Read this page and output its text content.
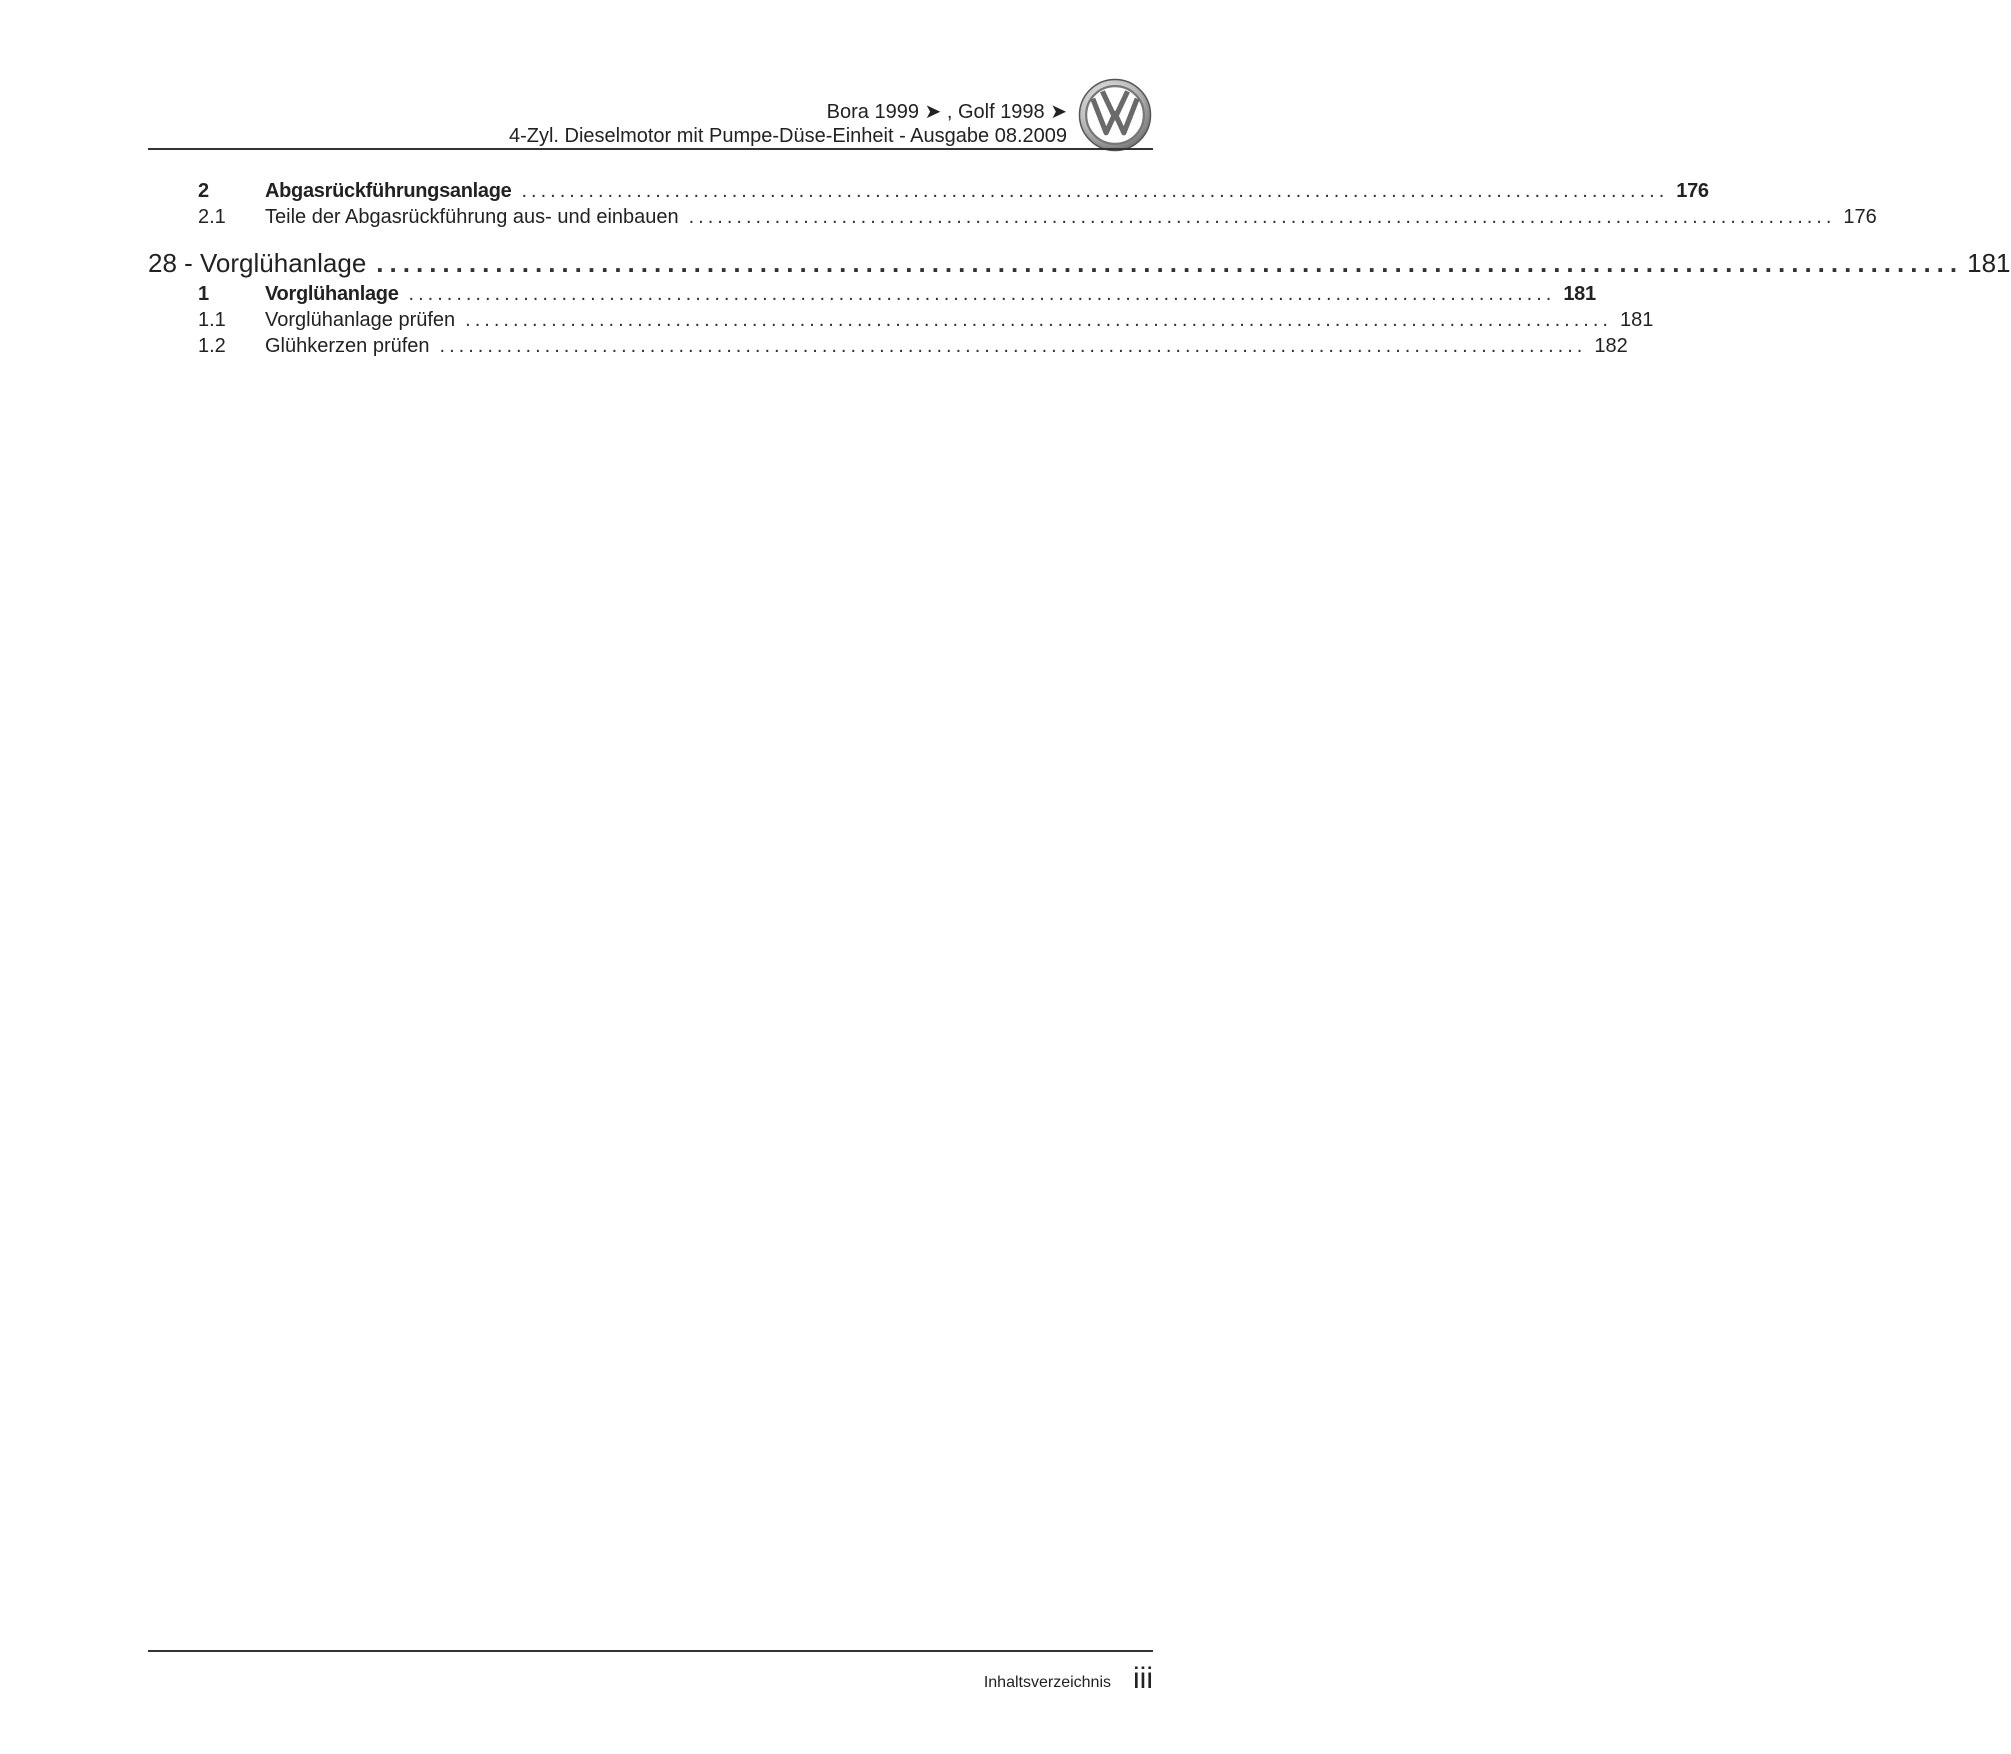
Bora 1999 ➤ , Golf 1998 ➤
4-Zyl. Dieselmotor mit Pumpe-Düse-Einheit - Ausgabe 08.2009
2	Abgasrückführungsanlage ........................................................................................................................ 176
2.1	Teile der Abgasrückführung aus- und einbauen ........................................................................................................................ 176
28 - Vorglühanlage ........................................................................................................................ 181
1	Vorglühanlage ........................................................................................................................ 181
1.1	Vorglühanlage prüfen ........................................................................................................................ 181
1.2	Glühkerzen prüfen ........................................................................................................................ 182
Inhaltsverzeichnis iii
